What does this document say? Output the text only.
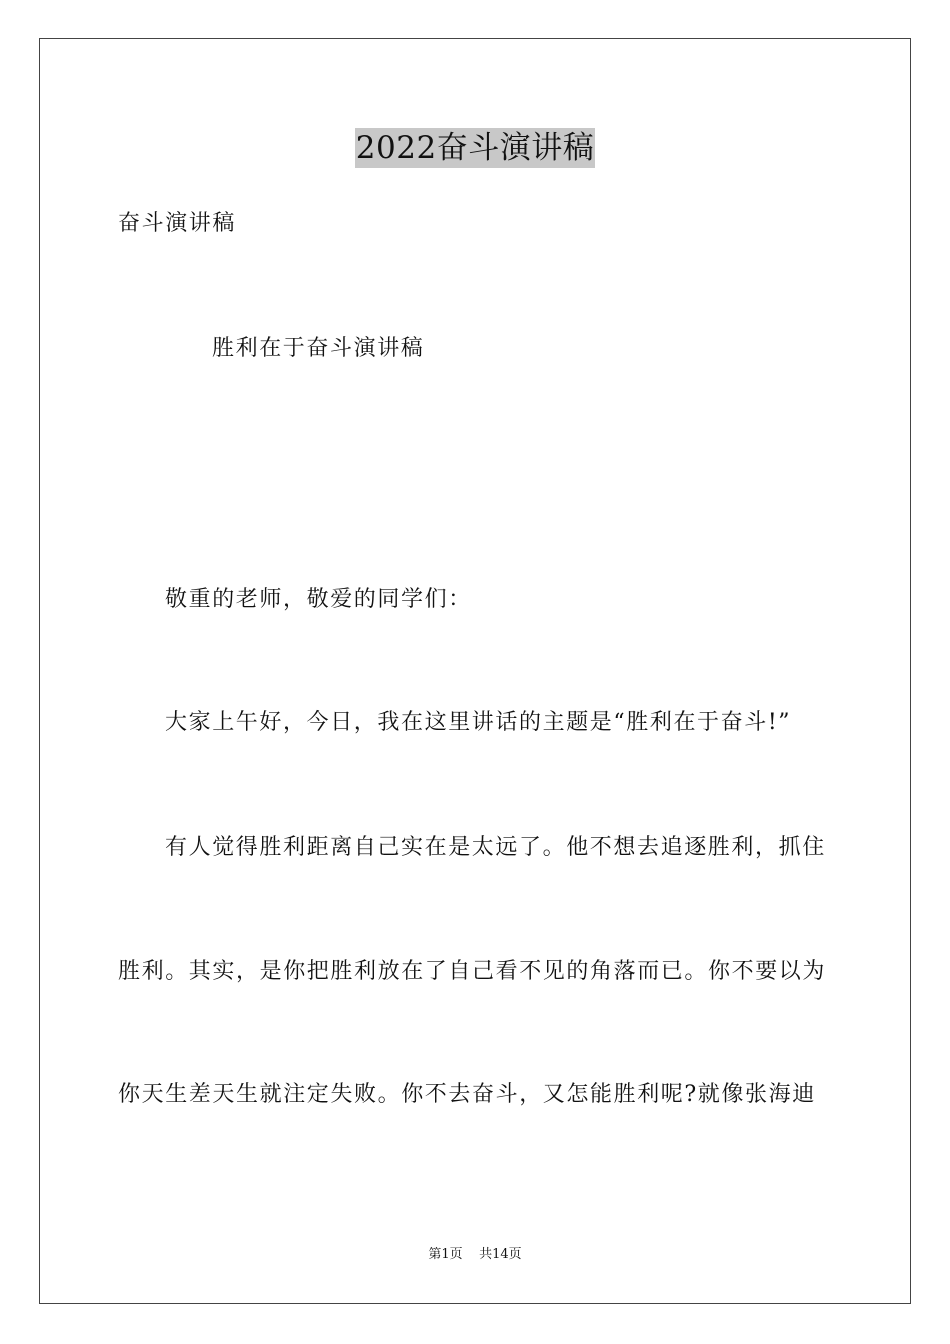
2022奋斗演讲稿
奋斗演讲稿
胜利在于奋斗演讲稿
敬重的老师，敬爱的同学们：
大家上午好，今日，我在这里讲话的主题是“胜利在于奋斗!”
有人觉得胜利距离自己实在是太远了。他不想去追逐胜利，抓住
胜利。其实，是你把胜利放在了自己看不见的角落而已。你不要以为
你天生差天生就注定失败。你不去奋斗，又怎能胜利呢?就像张海迪
第1页 共14页
